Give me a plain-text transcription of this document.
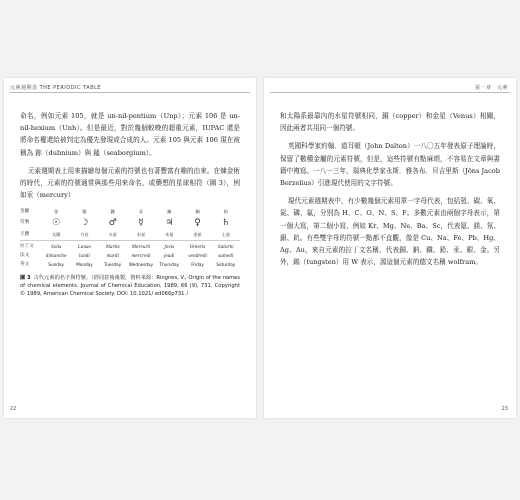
元素週期表 THE PERIODIC TABLE

命名，例如元素 105，就是 un-nil-pentium（Unp）；元素 106 是 un-nil-hexium（Unh）。但是最近，對於幾個較晚的超重元素，IUPAC 還是將命名權還給被判定為優先發現或合成的人。元素 105 與元素 106 現在被稱為 鉨（dubnium）與 鎑（seaborgium）。

元素週期表上用來描繪每個元素的符號也有著豐富有趣的由來。在煉金術的時代，元素的符號通常與那些用來命名，或藥想的星球相符（圖 3），例如汞（mercury）

金屬	金	銀	鐵	汞	錫	銅	鉛
符號	☉	☽	♂	☿	♃	♀	♄
天體	太陽	月亮	火星	水星	木星	金星	土星
拉丁文	Solis	Lunae	Martis	Mercurii	Jovis	Veneris	Saturni
法文	dimanche	lundi	mardi	mercredi	jeudi	vendredi	samedi
英文	Sunday	Monday	Tuesday	Wednesday	Thursday	Friday	Saturday
圖 3 古代元素的名字與符號。（經同意後複製，資料來源：Ringnes, V., Origin of the names of chemical elements. Journal of Chemical Education, 1989, 66 (9), 731. Copyright © 1989, American Chemical Society. DOI: 10.1021/ ed066p731.）
22
第一章　元素

和太陽系最靠內的水星符號相同，銅（copper）和金星（Venus）相關，因此兩者共用同一個符號。

英國科學家約翰．道耳頓（John Dalton）一八〇五年發表原子理論時，保留了數種金屬的元素符號，但是，這些符號有點麻煩，不容易在文章與書籍中複寫。一八一三年，瑞典化學家永斯．雅各布．貝吉里斯（Jöns Jacob Berzelius）引進現代使用的文字符號。

現代元素週期表中，有少數幾個元素用單一字母代表，包括氫、碳、氧、氮、磷、氟，分別為 H、C、O、N、S、F。多數元素由兩個字母表示，第一個大寫，第二個小寫，例如 Kr、Mg、Ne、Ba、Sc，代表氪、鎂、氖、鋇、鈧。有些雙字母的符號一點都不直觀，像是 Cu、Na、Fe、Pb、Hg、Ag、Au，來自元素的拉丁文名稱，代表銅、鈉、鐵、鉛、汞、銀、金。另外，鎢（tungsten）用 W 表示，源這個元素的德文名稱 wolfram。

23
